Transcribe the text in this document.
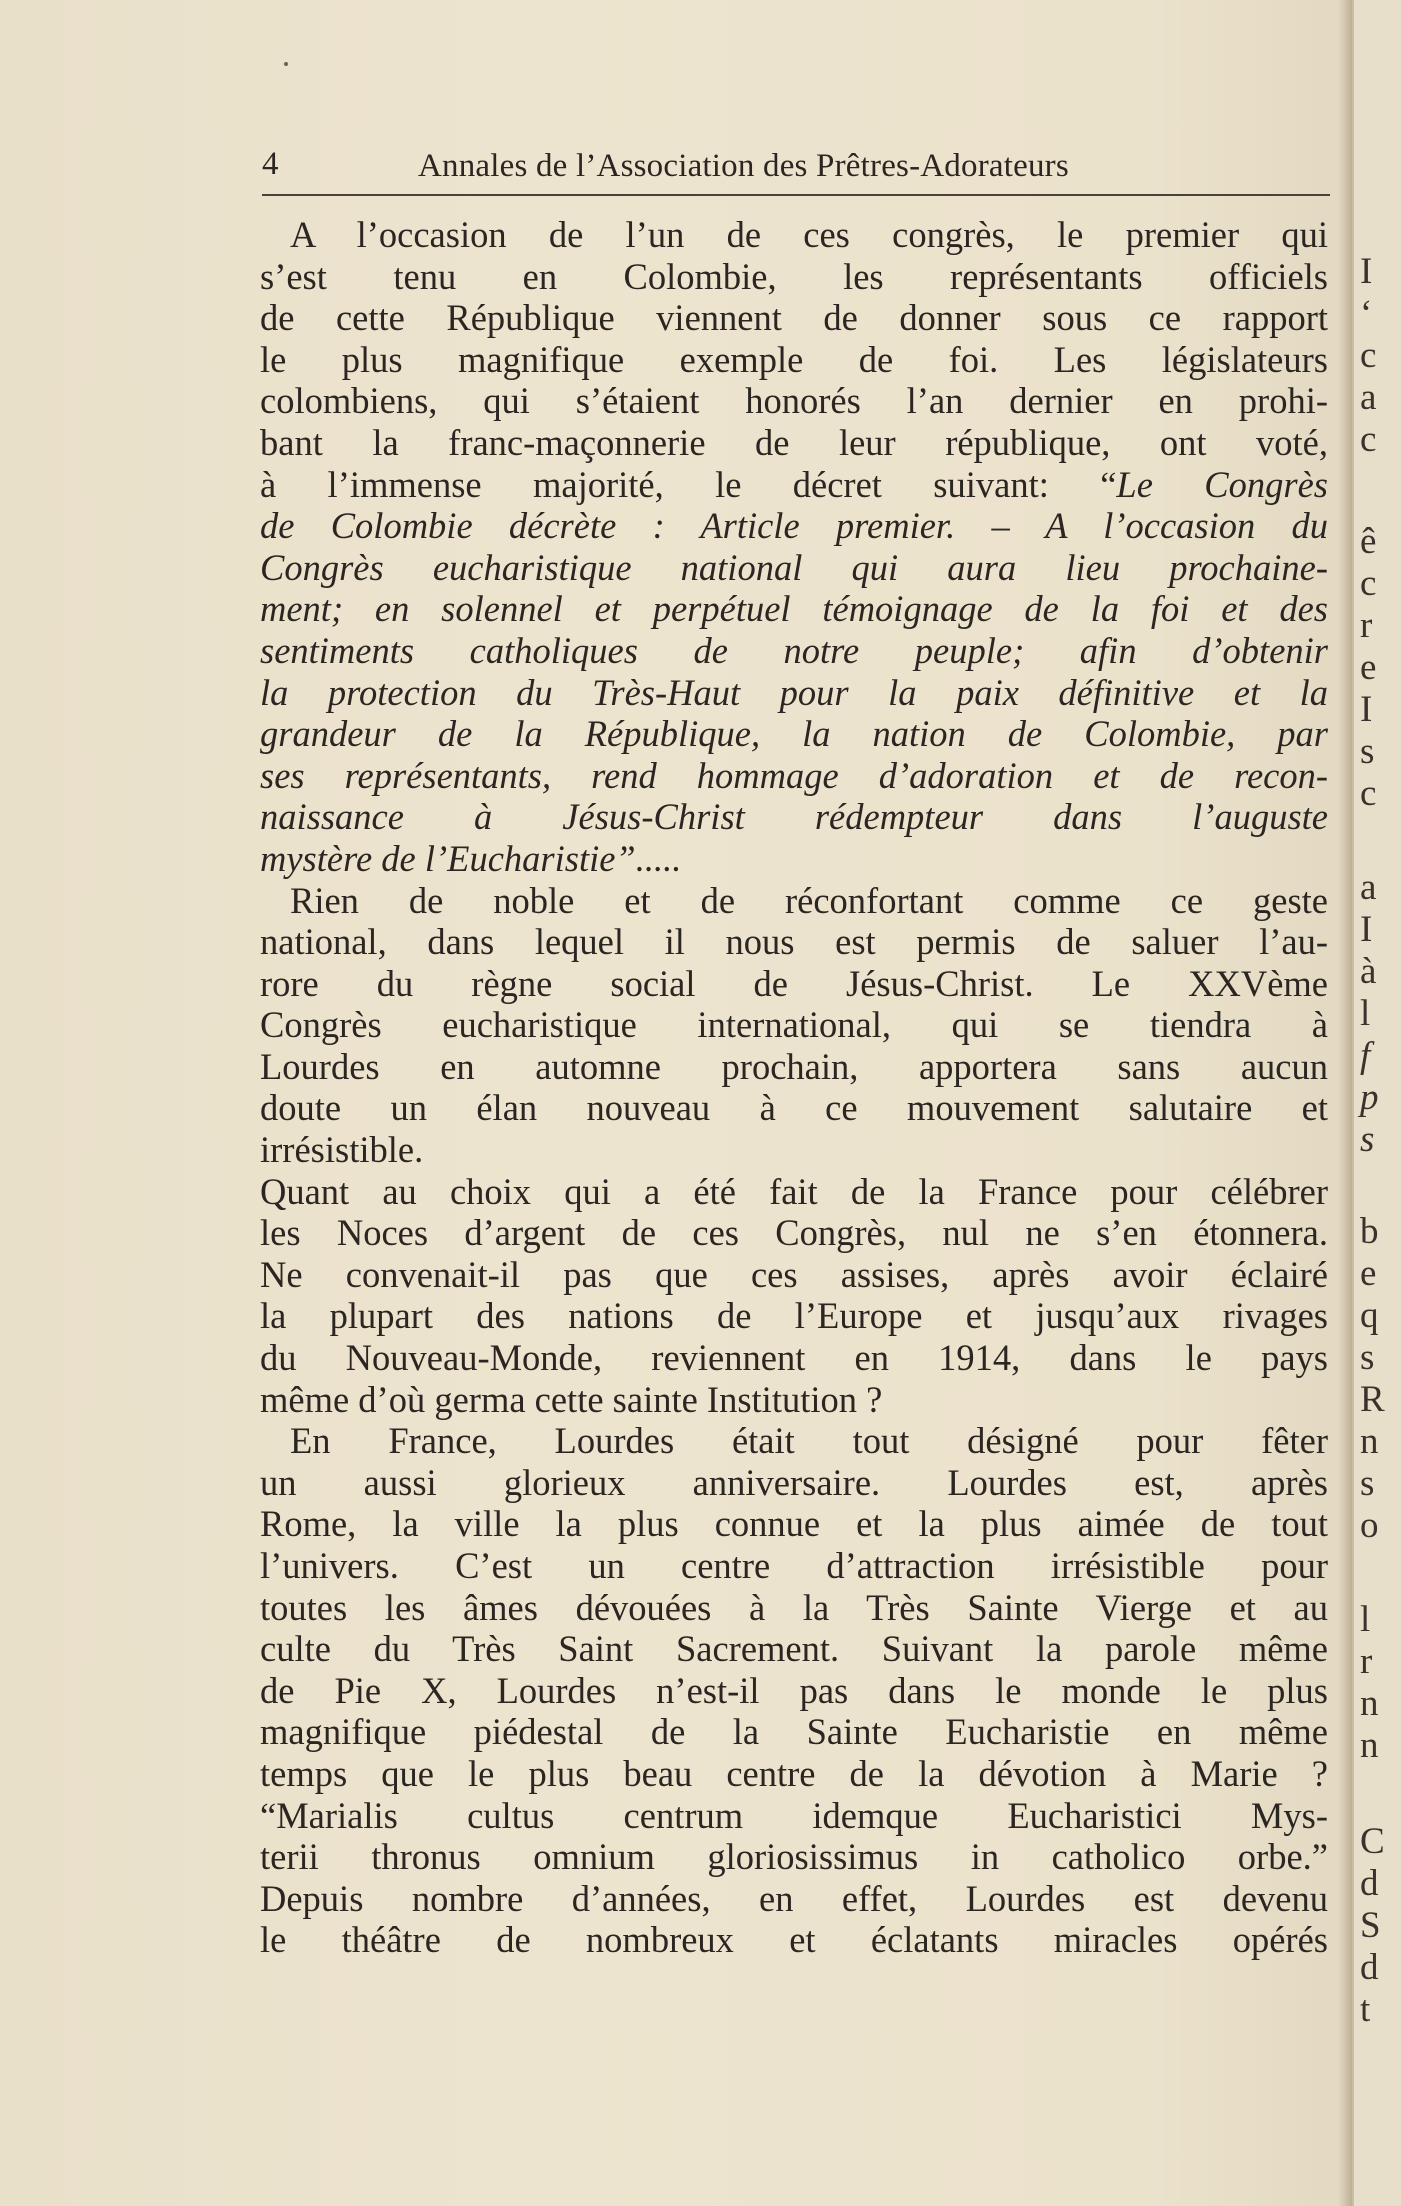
4	Annales de l’Association des Prêtres-Adorateurs
A l’occasion de l’un de ces congrès, le premier qui
s’est tenu en Colombie, les représentants officiels
de cette République viennent de donner sous ce rapport
le plus magnifique exemple de foi. Les législateurs
colombiens, qui s’étaient honorés l’an dernier en prohi-
bant la franc-maçonnerie de leur république, ont voté,
à l’immense majorité, le décret suivant: “Le Congrès
de Colombie décrète : Article premier. – A l’occasion du
Congrès eucharistique national qui aura lieu prochaine-
ment; en solennel et perpétuel témoignage de la foi et des
sentiments catholiques de notre peuple; afin d’obtenir
la protection du Très-Haut pour la paix définitive et la
grandeur de la République, la nation de Colombie, par
ses représentants, rend hommage d’adoration et de recon-
naissance à Jésus-Christ rédempteur dans l’auguste
mystère de l’Eucharistie”.....
Rien de noble et de réconfortant comme ce geste
national, dans lequel il nous est permis de saluer l’au-
rore du règne social de Jésus-Christ. Le XXVème
Congrès eucharistique international, qui se tiendra à
Lourdes en automne prochain, apportera sans aucun
doute un élan nouveau à ce mouvement salutaire et
irrésistible.
Quant au choix qui a été fait de la France pour célébrer
les Noces d’argent de ces Congrès, nul ne s’en étonnera.
Ne convenait-il pas que ces assises, après avoir éclairé
la plupart des nations de l’Europe et jusqu’aux rivages
du Nouveau-Monde, reviennent en 1914, dans le pays
même d’où germa cette sainte Institution ?
En France, Lourdes était tout désigné pour fêter
un aussi glorieux anniversaire. Lourdes est, après
Rome, la ville la plus connue et la plus aimée de tout
l’univers. C’est un centre d’attraction irrésistible pour
toutes les âmes dévouées à la Très Sainte Vierge et au
culte du Très Saint Sacrement. Suivant la parole même
de Pie X, Lourdes n’est-il pas dans le monde le plus
magnifique piédestal de la Sainte Eucharistie en même
temps que le plus beau centre de la dévotion à Marie ?
“Marialis cultus centrum idemque Eucharistici Mys-
terii thronus omnium gloriosissimus in catholico orbe.”
Depuis nombre d’années, en effet, Lourdes est devenu
le théâtre de nombreux et éclatants miracles opérés
I
‘
c
a
c
ê
c
r
e
I
s
c
a
I
à
l
f
p
s
b
e
q
s
R
n
s
o
l
r
n
n
C
d
S
d
t
